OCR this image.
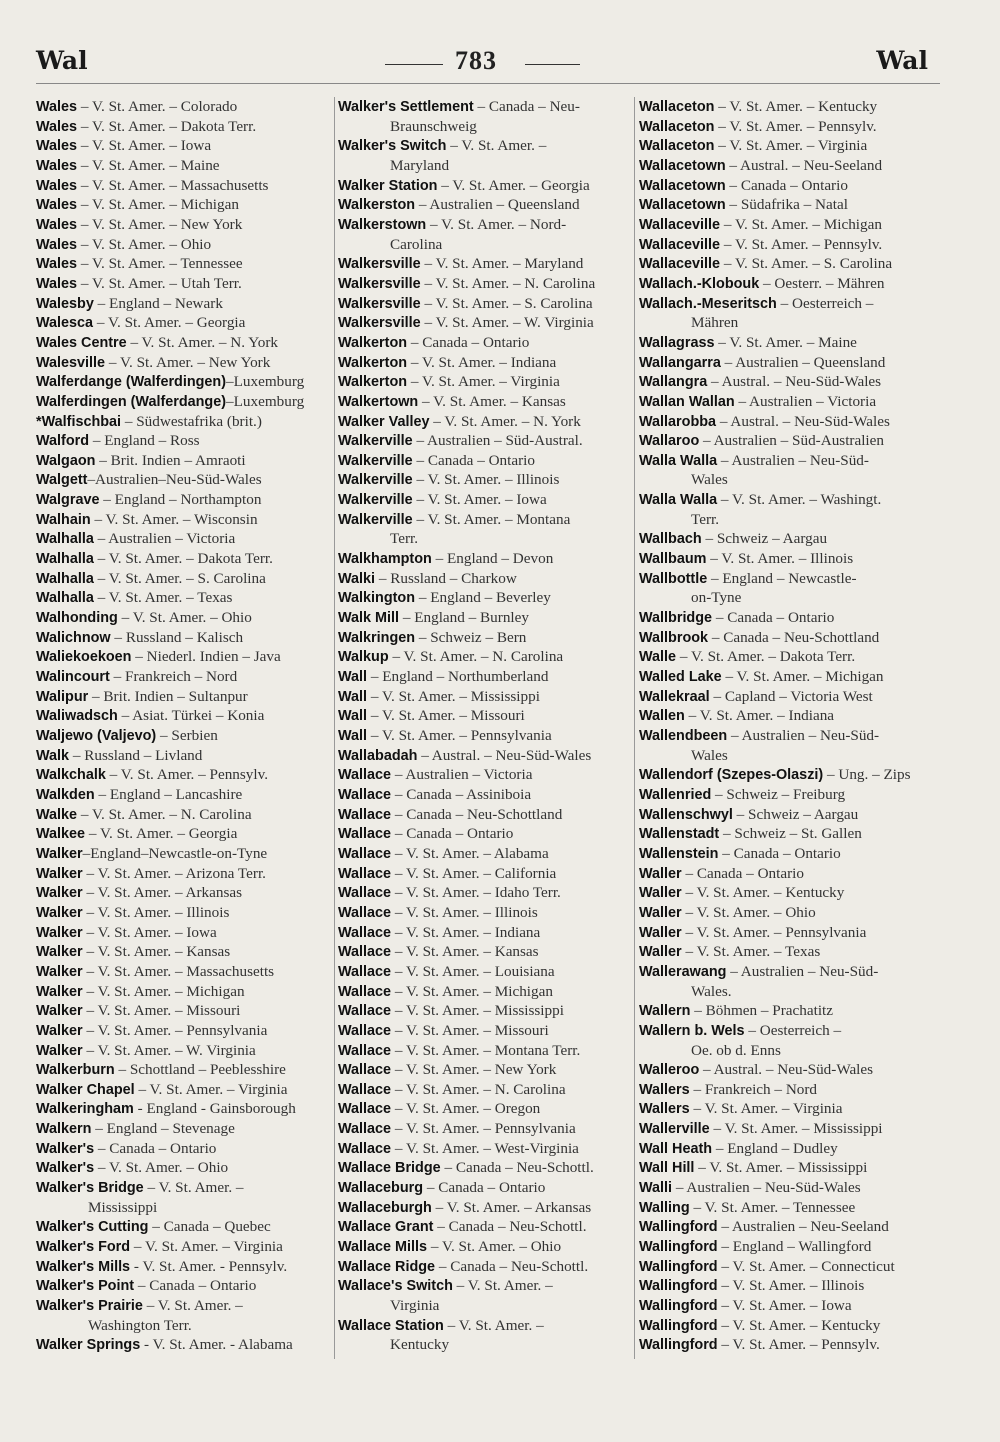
Wal	783	Wal
Wales – V. St. Amer. – Colorado
Wales – V. St. Amer. – Dakota Terr.
Wales – V. St. Amer. – Iowa
Wales – V. St. Amer. – Maine
Wales – V. St. Amer. – Massachusetts
Wales – V. St. Amer. – Michigan
Wales – V. St. Amer. – New York
Wales – V. St. Amer. – Ohio
Wales – V. St. Amer. – Tennessee
Wales – V. St. Amer. – Utah Terr.
Walesby – England – Newark
Walesca – V. St. Amer. – Georgia
Wales Centre – V. St. Amer. – N. York
Walesville – V. St. Amer. – New York
Walferdange (Walferdingen)–Luxemburg
Walferdingen (Walferdange)–Luxemburg
*Walfischbai – Südwestafrika (brit.)
Walford – England – Ross
Walgaon – Brit. Indien – Amraoti
Walgett–Australien–Neu-Süd-Wales
Walgrave – England – Northampton
Walhain – V. St. Amer. – Wisconsin
Walhalla – Australien – Victoria
Walhalla – V. St. Amer. – Dakota Terr.
Walhalla – V. St. Amer. – S. Carolina
Walhalla – V. St. Amer. – Texas
Walhonding – V. St. Amer. – Ohio
Walichnow – Russland – Kalisch
Waliekoekoen – Niederl. Indien – Java
Walincourt – Frankreich – Nord
Walipur – Brit. Indien – Sultanpur
Waliwadsch – Asiat. Türkei – Konia
Waljewo (Valjevo) – Serbien
Walk – Russland – Livland
Walkchalk – V. St. Amer. – Pennsylv.
Walkden – England – Lancashire
Walke – V. St. Amer. – N. Carolina
Walkee – V. St. Amer. – Georgia
Walker–England–Newcastle-on-Tyne
Walker – V. St. Amer. – Arizona Terr.
Walker – V. St. Amer. – Arkansas
Walker – V. St. Amer. – Illinois
Walker – V. St. Amer. – Iowa
Walker – V. St. Amer. – Kansas
Walker – V. St. Amer. – Massachusetts
Walker – V. St. Amer. – Michigan
Walker – V. St. Amer. – Missouri
Walker – V. St. Amer. – Pennsylvania
Walker – V. St. Amer. – W. Virginia
Walkerburn – Schottland – Peeblesshire
Walker Chapel – V. St. Amer. – Virginia
Walkeringham - England - Gainsborough
Walkern – England – Stevenage
Walker's – Canada – Ontario
Walker's – V. St. Amer. – Ohio
Walker's Bridge – V. St. Amer. –
Mississippi
Walker's Cutting – Canada – Quebec
Walker's Ford – V. St. Amer. – Virginia
Walker's Mills - V. St. Amer. - Pennsylv.
Walker's Point – Canada – Ontario
Walker's Prairie – V. St. Amer. –
Washington Terr.
Walker Springs - V. St. Amer. - Alabama
Walker's Settlement – Canada – Neu-
Braunschweig
Walker's Switch – V. St. Amer. –
Maryland
Walker Station – V. St. Amer. – Georgia
Walkerston – Australien – Queensland
Walkerstown – V. St. Amer. – Nord-
Carolina
Walkersville – V. St. Amer. – Maryland
Walkersville – V. St. Amer. – N. Carolina
Walkersville – V. St. Amer. – S. Carolina
Walkersville – V. St. Amer. – W. Virginia
Walkerton – Canada – Ontario
Walkerton – V. St. Amer. – Indiana
Walkerton – V. St. Amer. – Virginia
Walkertown – V. St. Amer. – Kansas
Walker Valley – V. St. Amer. – N. York
Walkerville – Australien – Süd-Austral.
Walkerville – Canada – Ontario
Walkerville – V. St. Amer. – Illinois
Walkerville – V. St. Amer. – Iowa
Walkerville – V. St. Amer. – Montana
Terr.
Walkhampton – England – Devon
Walki – Russland – Charkow
Walkington – England – Beverley
Walk Mill – England – Burnley
Walkringen – Schweiz – Bern
Walkup – V. St. Amer. – N. Carolina
Wall – England – Northumberland
Wall – V. St. Amer. – Mississippi
Wall – V. St. Amer. – Missouri
Wall – V. St. Amer. – Pennsylvania
Wallabadah – Austral. – Neu-Süd-Wales
Wallace – Australien – Victoria
Wallace – Canada – Assiniboia
Wallace – Canada – Neu-Schottland
Wallace – Canada – Ontario
Wallace – V. St. Amer. – Alabama
Wallace – V. St. Amer. – California
Wallace – V. St. Amer. – Idaho Terr.
Wallace – V. St. Amer. – Illinois
Wallace – V. St. Amer. – Indiana
Wallace – V. St. Amer. – Kansas
Wallace – V. St. Amer. – Louisiana
Wallace – V. St. Amer. – Michigan
Wallace – V. St. Amer. – Mississippi
Wallace – V. St. Amer. – Missouri
Wallace – V. St. Amer. – Montana Terr.
Wallace – V. St. Amer. – New York
Wallace – V. St. Amer. – N. Carolina
Wallace – V. St. Amer. – Oregon
Wallace – V. St. Amer. – Pennsylvania
Wallace – V. St. Amer. – West-Virginia
Wallace Bridge – Canada – Neu-Schottl.
Wallaceburg – Canada – Ontario
Wallaceburgh – V. St. Amer. – Arkansas
Wallace Grant – Canada – Neu-Schottl.
Wallace Mills – V. St. Amer. – Ohio
Wallace Ridge – Canada – Neu-Schottl.
Wallace's Switch – V. St. Amer. –
Virginia
Wallace Station – V. St. Amer. –
Kentucky
Wallaceton – V. St. Amer. – Kentucky
Wallaceton – V. St. Amer. – Pennsylv.
Wallaceton – V. St. Amer. – Virginia
Wallacetown – Austral. – Neu-Seeland
Wallacetown – Canada – Ontario
Wallacetown – Südafrika – Natal
Wallaceville – V. St. Amer. – Michigan
Wallaceville – V. St. Amer. – Pennsylv.
Wallaceville – V. St. Amer. – S. Carolina
Wallach.-Klobouk – Oesterr. – Mähren
Wallach.-Meseritsch – Oesterreich –
Mähren
Wallagrass – V. St. Amer. – Maine
Wallangarra – Australien – Queensland
Wallangra – Austral. – Neu-Süd-Wales
Wallan Wallan – Australien – Victoria
Wallarobba – Austral. – Neu-Süd-Wales
Wallaroo – Australien – Süd-Australien
Walla Walla – Australien – Neu-Süd-
Wales
Walla Walla – V. St. Amer. – Washingt.
Terr.
Wallbach – Schweiz – Aargau
Wallbaum – V. St. Amer. – Illinois
Wallbottle – England – Newcastle-
on-Tyne
Wallbridge – Canada – Ontario
Wallbrook – Canada – Neu-Schottland
Walle – V. St. Amer. – Dakota Terr.
Walled Lake – V. St. Amer. – Michigan
Wallekraal – Capland – Victoria West
Wallen – V. St. Amer. – Indiana
Wallendbeen – Australien – Neu-Süd-
Wales
Wallendorf (Szepes-Olaszi) – Ung. – Zips
Wallenried – Schweiz – Freiburg
Wallenschwyl – Schweiz – Aargau
Wallenstadt – Schweiz – St. Gallen
Wallenstein – Canada – Ontario
Waller – Canada – Ontario
Waller – V. St. Amer. – Kentucky
Waller – V. St. Amer. – Ohio
Waller – V. St. Amer. – Pennsylvania
Waller – V. St. Amer. – Texas
Wallerawang – Australien – Neu-Süd-
Wales.
Wallern – Böhmen – Prachatitz
Wallern b. Wels – Oesterreich –
Oe. ob d. Enns
Walleroo – Austral. – Neu-Süd-Wales
Wallers – Frankreich – Nord
Wallers – V. St. Amer. – Virginia
Wallerville – V. St. Amer. – Mississippi
Wall Heath – England – Dudley
Wall Hill – V. St. Amer. – Mississippi
Walli – Australien – Neu-Süd-Wales
Walling – V. St. Amer. – Tennessee
Wallingford – Australien – Neu-Seeland
Wallingford – England – Wallingford
Wallingford – V. St. Amer. – Connecticut
Wallingford – V. St. Amer. – Illinois
Wallingford – V. St. Amer. – Iowa
Wallingford – V. St. Amer. – Kentucky
Wallingford – V. St. Amer. – Pennsylv.
